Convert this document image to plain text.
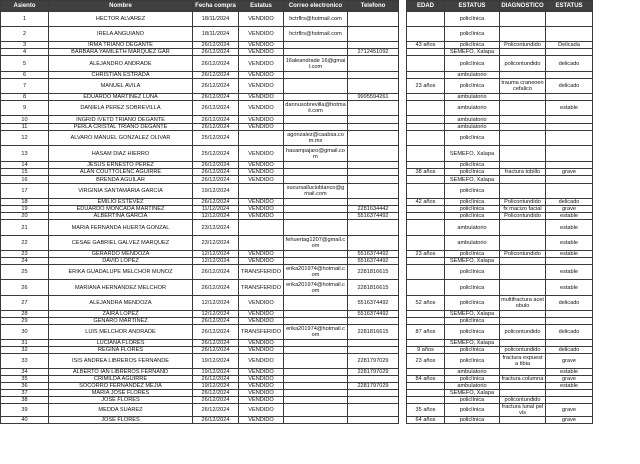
Asiento	Nombre	Fecha compra	Estatus	Correo electronico	Telefono		EDAD	ESTATUS	DIAGNOSTICO	ESTATUS
1	HECTOR ALVAREZ	18/11/2024	VENDIDO	hctrflrs@hotmail.com				policlínica		
2	IRELA ANGUIANO	18/11/2024	VENDIDO	hctrflrs@hotmail.com				policlínica		
3	IRMA TRIANO DEGANTE	26/12/2024	VENDIDO				43 años	policlínica	Policontundido	Delicada
4	BARBARA YAMILETH MARQUEZ GAR	26/12/2024	VENDIDO		2712451092			SEMEFO, Xalapa		
5	ALEJANDRO ANDRADE	26/12/2024	VENDIDO	16aleandrade 16@gmail.com				policlínica	policontundido	delicado
6	CHRISTIAN ESTRADA	26/12/2024	VENDIDO					ambulatorio		
7	MANUEL AVILA	26/12/2024	VENDIDO				23 años	policlínica	trauma craneoencefalico	delicado
8	EDUARDO MARTINEZ LUNA	26/12/2024	VENDIDO		9995594261			ambulatorio		
9	DANIELA PEREZ SOBREVILLA	26/12/2024	VENDIDO	dannusobrevilla@hotmail.com				ambulatorio		estable
10	INGRID IVETD TRIANO DEGANTE	26/12/2024	VENDIDO					ambulatorio		
11	PERLA CRISTAL TRIANO DEGANTE	26/12/2024	VENDIDO					ambulatorio		
12	ALVARO MANUEL GONZALEZ OLIVAR	25/12/2024		agonzalez@caabsa.com.mx				policlínica		
13	HASAM DIAZ HIERRO	25/12/2024	VENDIDO	hasampajaro@gmail.com				SEMEFO, Xalapa		
14	JESUS ERNESTO PEREZ	26/12/2024	VENDIDO					policlínica		
15	ALAN COUTTOLENC AGUIRRE	26/12/2024	VENDIDO				38 años	policlínica	fractura tobillo	grave
16	BRENDA AGUILAR	26/12/2024	VENDIDO					SEMEFO, Xalapa		
17	VIRGINIA SANTAMARIA GARCIA	19/12/2024		sucursallucioblanco@gmail.com				policlínica		
18	EMILIO ESTEVEZ	26/12/2024	VENDIDO				42 años	policlínica	Policontundido	delicado
19	EDUARDO MONCADA MARTINEZ	11/12/2024	VENDIDO		2281634442			policlínica	fx macizo facial	grave
20	ALBERTINA GARCIA	12/12/2024	VENDIDO		5516374492			policlínica	Policontundido	estable
21	MARIA FERNANDA HUERTA GONZAL	23/12/2024						ambulatorio		estable
22	CESAE GABRIEL GALVEZ MARQUEZ	23/12/2024		fehuertag1207@gmail.com				ambulatorio		estable
23	GERARDO MENDOZA	12/12/2024	VENDIDO		5516374492		23 años	policlínica	Policontundido	estable
24	DAVID LOPEZ	12/12/2024	VENDIDO		5516374492			SEMEFO, Xalapa		
25	ERIKA GUADALUPE MELCHOR MUNOZ	26/12/2024	TRANSFERIDO	erika201974@hotmail.com	2281816615			policlínica		estable
26	MARIANA HERNANDEZ MELCHOR	26/12/2024	TRANSFERIDO	erika201974@hotmail.com	2281816615			policlínica		estable
27	ALEJANDRA MENDOZA	12/12/2024	VENDIDO		5516374492		52 años	policlínica	multifractura acetobulo	delicado
28	ZAIRA LOPEZ	12/12/2024	VENDIDO		5516374492			SEMEFO, Xalapa		
29	GENARO MARTINEZ	26/12/2024	VENDIDO					policlínica		
30	LUIS MELCHOR ANDRADE	26/12/2024	TRANSFERIDO	erika201974@hotmail.com	2281816615		87 años	policlínica	policontundido	delicado
31	LUCIANA FLORES	26/12/2024	VENDIDO					SEMEFO, Xalapa		
32	REGINA FLORES	26/12/2024	VENDIDO				9 años	policlínica	policontundido	delicado
33	ISIS ANDREA LIBREROS FERNANDE	19/12/2024	VENDIDO		2281797029		23 años	policlínica	fractura expuesta tibia	grave
34	ALBERTO IAN LIBREROS FERNAND	19/12/2024	VENDIDO		2281797029			ambulatorio		estable
35	CRIMILDA AGUIRRE	26/12/2024	VENDIDO				84 años	policlínica	fractura columna	grave
36	SOCORRO FERNANDEZ MEJIA	19/12/2024	VENDIDO		2281797029			ambulatorio		estable
37	MARIA JOSE FLORES	26/12/2024	VENDIDO					SEMEFO, Xalapa		
38	JOSE FLORES	26/12/2024	VENDIDO					policlínica	policontundido	
39	MEDDA SUAREZ	26/12/2024	VENDIDO				35 años	policlínica	fractura lunal pelvis	grave
40	JOSE FLORES	26/12/2024	VENDIDO				64 años	policlínica		grave
